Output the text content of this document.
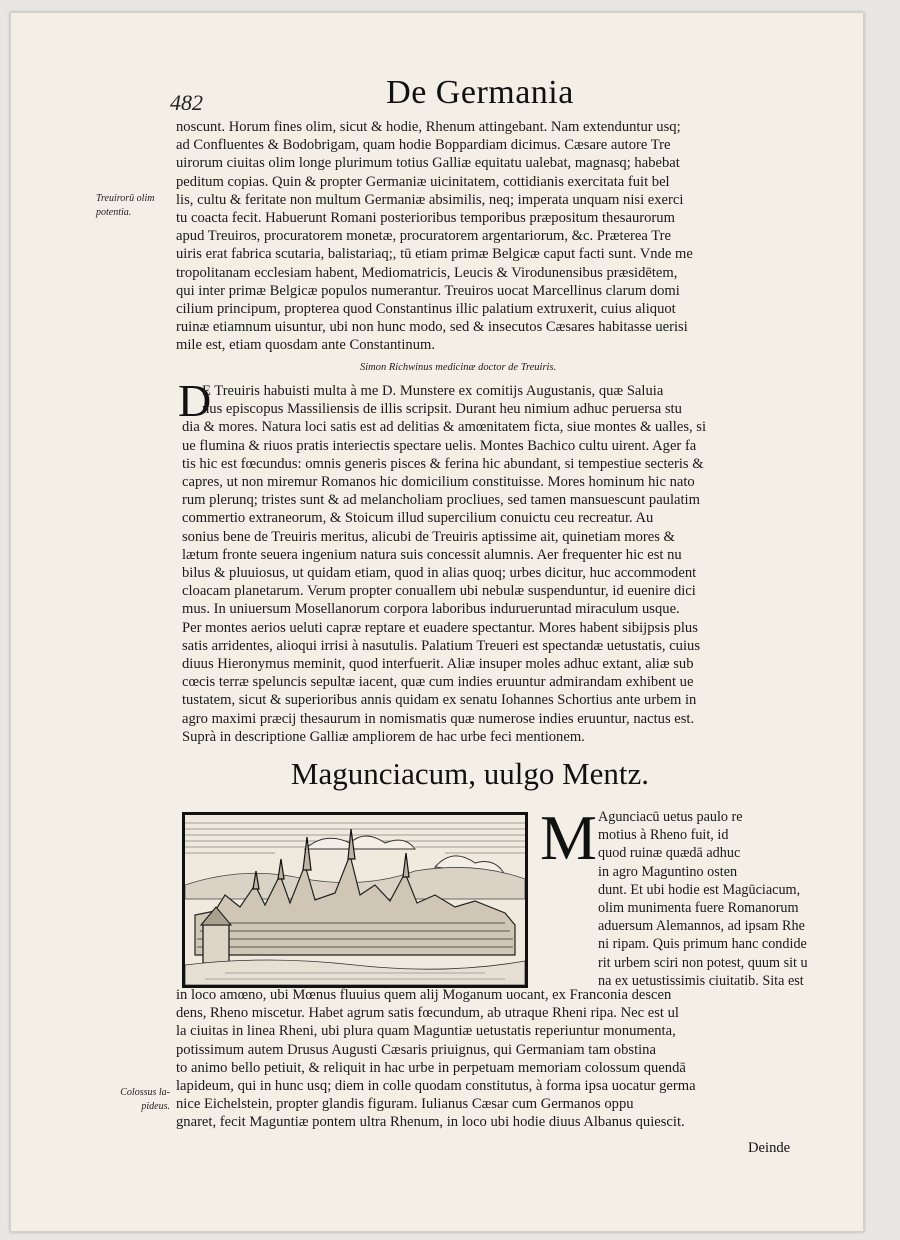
482	De Germania
Treuirorū olim potentia.
noscunt. Horum fines olim, sicut & hodie, Rhenum attingebant. Nam extenduntur usq;
ad Confluentes & Bodobrigam, quam hodie Boppardiam dicimus. Cæsare autore Tre
uirorum ciuitas olim longe plurimum totius Galliæ equitatu ualebat, magnasq; habebat
peditum copias. Quin & propter Germaniæ uicinitatem, cottidianis exercitata fuit bel
lis, cultu & feritate non multum Germaniæ absimilis, neq; imperata unquam nisi exerci
tu coacta fecit. Habuerunt Romani posterioribus temporibus præpositum thesaurorum
apud Treuiros, procuratorem monetæ, procuratorem argentariorum, &c. Præterea Tre
uiris erat fabrica scutaria, balistariaq;, tū etiam primæ Belgicæ caput facti sunt. Vnde me
tropolitanam ecclesiam habent, Mediomatricis, Leucis & Virodunensibus præsidētem,
qui inter primæ Belgicæ populos numerantur. Treuiros uocat Marcellinus clarum domi
cilium principum, propterea quod Constantinus illic palatium extruxerit, cuius aliquot
ruinæ etiamnum uisuntur, ubi non hunc modo, sed & insecutos Cæsares habitasse uerisi
mile est, etiam quosdam ante Constantinum.
Simon Richwinus medicinæ doctor de Treuiris.
D
E Treuiris habuisti multa à me D. Munstere ex comitijs Augustanis, quæ Saluia
nus episcopus Massiliensis de illis scripsit. Durant heu nimium adhuc peruersa stu
dia & mores. Natura loci satis est ad delitias & amœnitatem ficta, siue montes & ualles, si
ue flumina & riuos pratis interiectis spectare uelis. Montes Bachico cultu uirent. Ager fa
tis hic est fœcundus: omnis generis pisces & ferina hic abundant, si tempestiue secteris &
capres, ut non miremur Romanos hic domicilium constituisse. Mores hominum hic nato
rum plerunq; tristes sunt & ad melancholiam procliues, sed tamen mansuescunt paulatim
commertio extraneorum, & Stoicum illud supercilium conuictu ceu recreatur. Au
sonius bene de Treuiris meritus, alicubi de Treuiris aptissime ait, quinetiam mores &
lætum fronte seuera ingenium natura suis concessit alumnis. Aer frequenter hic est nu
bilus & pluuiosus, ut quidam etiam, quod in alias quoq; urbes dicitur, huc accommodent
cloacam planetarum. Verum propter conuallem ubi nebulæ suspenduntur, id euenire dici
mus. In uniuersum Mosellanorum corpora laboribus indurueruntad miraculum usque.
Per montes aerios ueluti capræ reptare et euadere spectantur. Mores habent sibijpsis plus
satis arridentes, alioqui irrisi à nasutulis. Palatium Treueri est spectandæ uetustatis, cuius
diuus Hieronymus meminit, quod interfuerit. Aliæ insuper moles adhuc extant, aliæ sub
cœcis terræ speluncis sepultæ iacent, quæ cum indies eruuntur admirandam exhibent ue
tustatem, sicut & superioribus annis quidam ex senatu Iohannes Schortius ante urbem in
agro maximi præcij thesaurum in nomismatis quæ numerose indies eruuntur, nactus est.
Suprà in descriptione Galliæ ampliorem de hac urbe feci mentionem.
Magunciacum, uulgo Mentz.
M Agunciacū uetus paulo re
motius à Rheno fuit, id
quod ruinæ quædā adhuc
in agro Maguntino osten
dunt. Et ubi hodie est Magūciacum,
olim munimenta fuere Romanorum
aduersum Alemannos, ad ipsam Rhe
ni ripam. Quis primum hanc condide
rit urbem sciri non potest, quum sit u
na ex uetustissimis ciuitatib. Sita est
in loco amœno, ubi Mœnus fluuius quem alij Moganum uocant, ex Franconia descen
dens, Rheno miscetur. Habet agrum satis fœcundum, ab utraque Rheni ripa. Nec est ul
la ciuitas in linea Rheni, ubi plura quam Maguntiæ uetustatis reperiuntur monumenta,
potissimum autem Drusus Augusti Cæsaris priuignus, qui Germaniam tam obstina
to animo bello petiuit, & reliquit in hac urbe in perpetuam memoriam colossum quendā
lapideum, qui in hunc usq; diem in colle quodam constitutus, à forma ipsa uocatur germa
nice Eichelstein, propter glandis figuram. Iulianus Cæsar cum Germanos oppu
gnaret, fecit Maguntiæ pontem ultra Rhenum, in loco ubi hodie diuus Albanus quiescit.
Colossus lapideus.
Deinde
